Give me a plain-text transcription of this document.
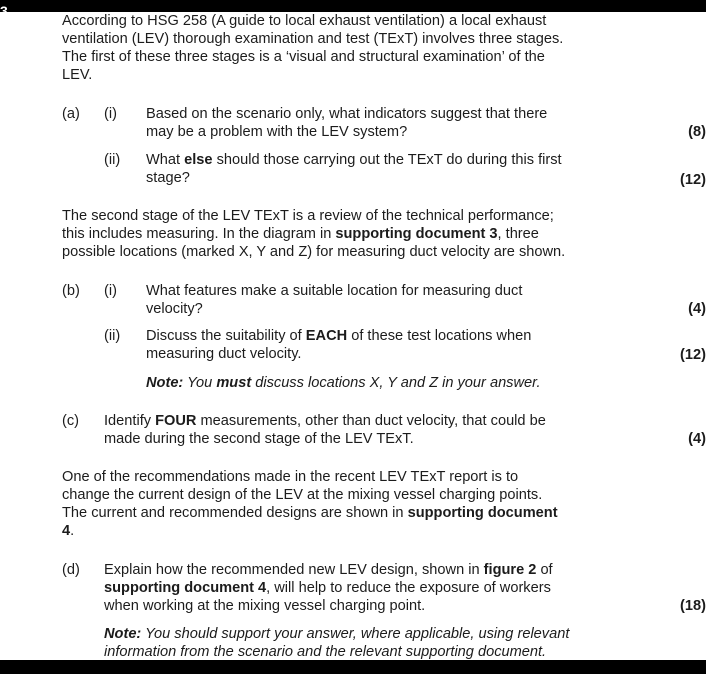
3
According to HSG 258 (A guide to local exhaust ventilation) a local exhaust
ventilation (LEV) thorough examination and test (TExT) involves three stages.
The first of these three stages is a ‘visual and structural examination’ of the
LEV.
(a) (i) Based on the scenario only, what indicators suggest that there
may be a problem with the LEV system?	(8)
(ii) What else should those carrying out the TExT do during this first
stage?	(12)
The second stage of the LEV TExT is a review of the technical performance;
this includes measuring. In the diagram in supporting document 3, three
possible locations (marked X, Y and Z) for measuring duct velocity are shown.
(b) (i) What features make a suitable location for measuring duct
velocity?	(4)
(ii) Discuss the suitability of EACH of these test locations when
measuring duct velocity.	(12)
Note: You must discuss locations X, Y and Z in your answer.
(c) Identify FOUR measurements, other than duct velocity, that could be
made during the second stage of the LEV TExT.	(4)
One of the recommendations made in the recent LEV TExT report is to
change the current design of the LEV at the mixing vessel charging points.
The current and recommended designs are shown in supporting document
4.
(d) Explain how the recommended new LEV design, shown in figure 2 of
supporting document 4, will help to reduce the exposure of workers
when working at the mixing vessel charging point.	(18)
Note: You should support your answer, where applicable, using relevant
information from the scenario and the relevant supporting document.
